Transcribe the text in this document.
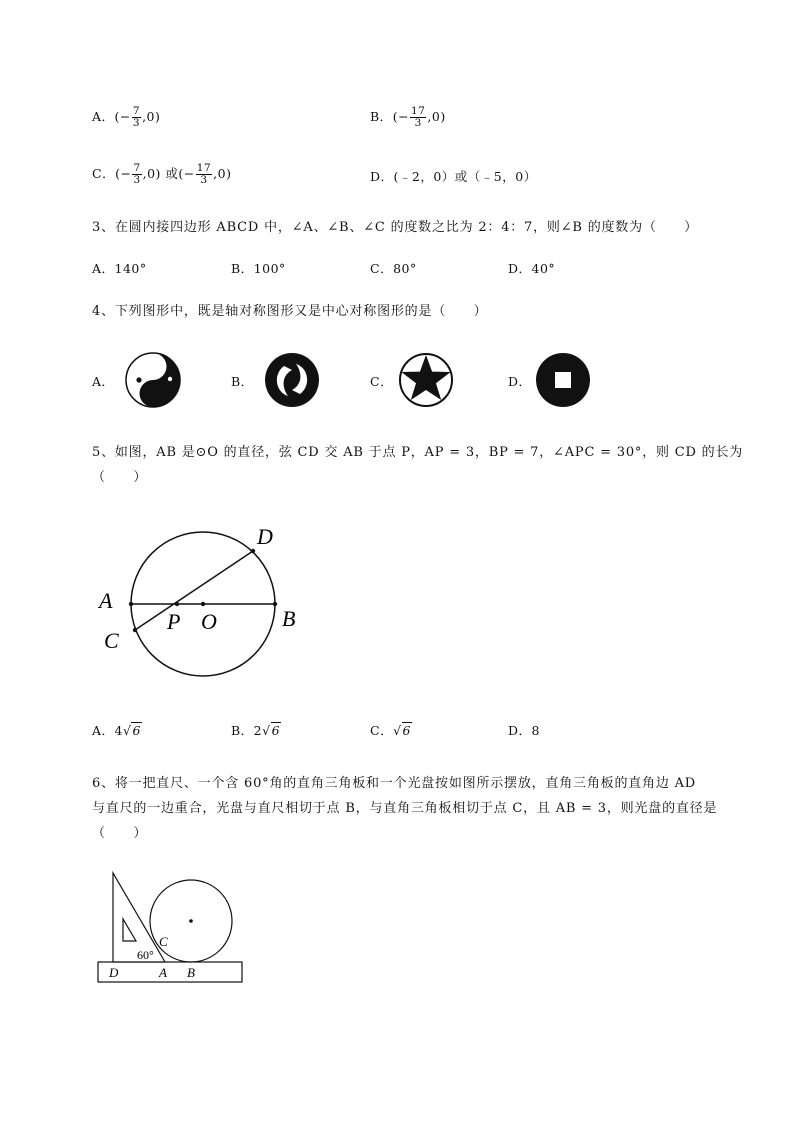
A．(− $\frac{7}{3} ,0$)	B．(− $\frac{17}{3} ,0$)
C．(− $\frac{7}{3} ,0$) 或(− $\frac{17}{3} ,0$)	D．(﹣2，0）或（﹣5，0）
3、在圆内接四边形 ABCD 中，∠A、∠B、∠C 的度数之比为 2：4：7，则∠B 的度数为（　　）
A．140°	B．100°	C．80°	D．40°
4、下列图形中，既是轴对称图形又是中心对称图形的是（　　）
A．	B．	C．	D．
5、如图，AB 是⊙O 的直径，弦 CD 交 AB 于点 P，AP = 3，BP = 7，∠APC = 30°，则 CD 的长为
（　　）
A
B
C
D
P O
A．4√6	B．2√6	C．√6	D．8
6、将一把直尺、一个含 60°角的直角三角板和一个光盘按如图所示摆放，直角三角板的直角边 AD
与直尺的一边重合，光盘与直尺相切于点 B，与直角三角板相切于点 C，且 AB = 3，则光盘的直径是
（　　）
D	A B
C
60°
